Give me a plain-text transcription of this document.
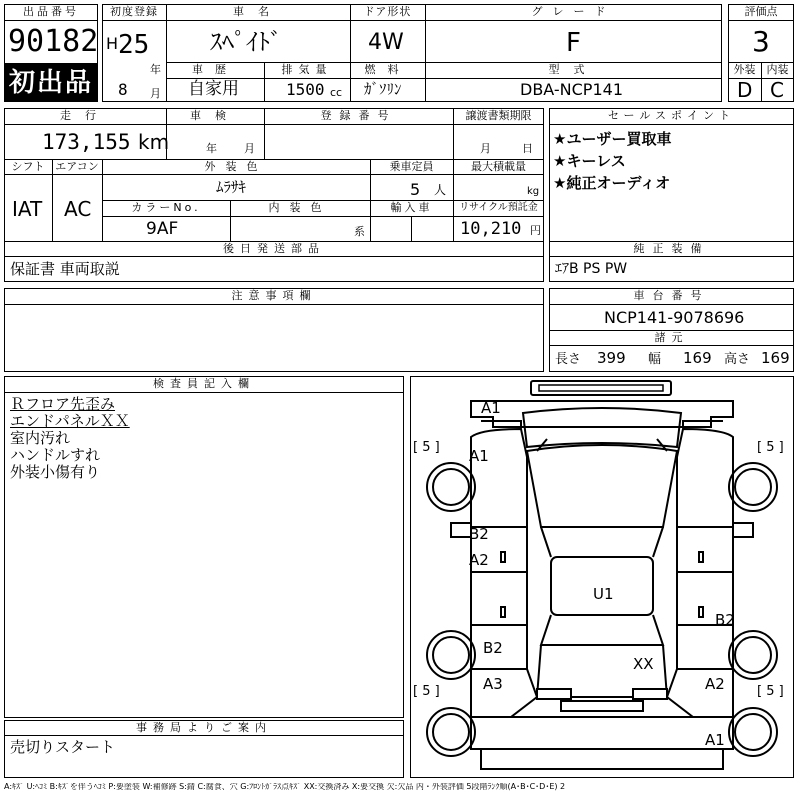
出品番号
90182
初出品
初度登録
H 25
年
8 月
車名
ｽﾍﾟｲﾄﾞ
ドア形状
4W
グレード
F
車歴
自家用
排気量
1500 cc
燃料
ｶﾞｿﾘﾝ
型式
DBA-NCP141
評価点
3
外装	内装
D C
走行
173,155 km
車検
年 月
登録番号	譲渡書類期限
月	日
シフト
IAT
エアコン
AC
外装色
ﾑﾗｻｷ
乗車定員
5 人
最大積載量
kg
カラーNo.
9AF
内装色
系
輸入車	リサイクル預託金
10,210 円
後日発送部品
保証書 車両取説
セールスポイント
★ユーザー買取車
★キーレス
★純正オーディオ
純正装備
ｴｱB PS PW
注意事項欄	車台番号
NCP141-9078696
諸元
長さ 399 幅 169 高さ 169
検査員記入欄
Ｒフロア先歪み
エンドパネルＸＸ
室内汚れ
ハンドルすれ
外装小傷有り
事務局よりご案内
売切りスタート
A1
A1
B2
A2
U1
B2
B2
XX
A3	A2
A1
[ 5 ]	[ 5 ]
[ 5 ]	[ 5 ]
A:ｷｽﾞ U:ﾍｺﾐ B:ｷｽﾞを伴うﾍｺﾐ P:要塗装 W:補修跡 S:錆 C:腐食、穴 G:ﾌﾛﾝﾄｶﾞﾗｽ点ｷｽﾞ XX:交換済み X:要交換 欠:欠品 内・外装評価 5段階ﾗﾝｸ順(A･B･C･D･E) 2
